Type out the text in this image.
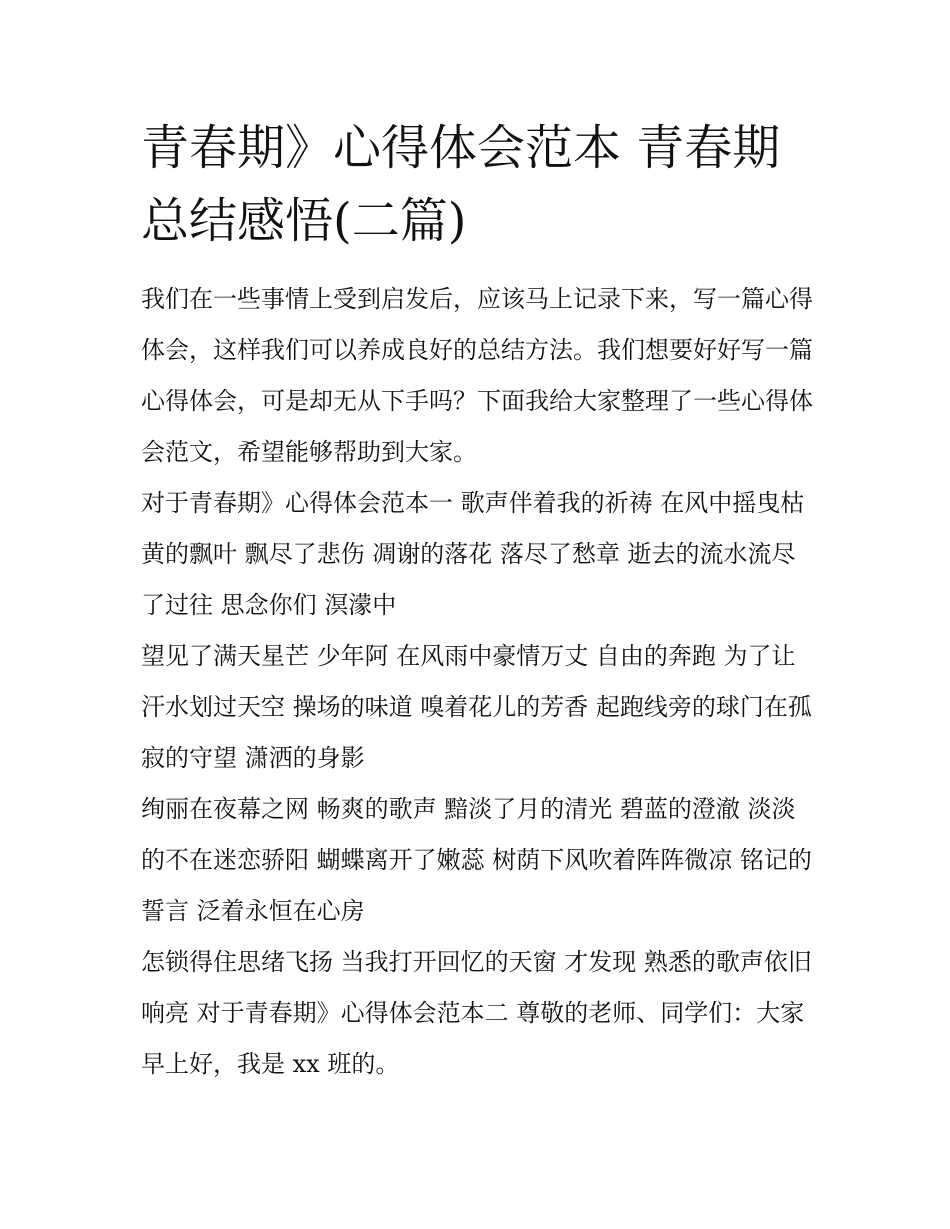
青春期》心得体会范本 青春期总结感悟(二篇)

我们在一些事情上受到启发后，应该马上记录下来，写一篇心得体会，这样我们可以养成良好的总结方法。我们想要好好写一篇心得体会，可是却无从下手吗？下面我给大家整理了一些心得体会范文，希望能够帮助到大家。

对于青春期》心得体会范本一 歌声伴着我的祈祷 在风中摇曳枯黄的飘叶 飘尽了悲伤 凋谢的落花 落尽了愁章 逝去的流水流尽了过往 思念你们 溟濛中

望见了满天星芒 少年阿 在风雨中豪情万丈 自由的奔跑 为了让汗水划过天空 操场的味道 嗅着花儿的芳香 起跑线旁的球门在孤寂的守望 潇洒的身影

绚丽在夜幕之网 畅爽的歌声 黯淡了月的清光 碧蓝的澄澈 淡淡的不在迷恋骄阳 蝴蝶离开了嫩蕊 树荫下风吹着阵阵微凉 铭记的誓言 泛着永恒在心房

怎锁得住思绪飞扬 当我打开回忆的天窗 才发现 熟悉的歌声依旧响亮 对于青春期》心得体会范本二 尊敬的老师、同学们：大家早上好，我是 xx 班的。
